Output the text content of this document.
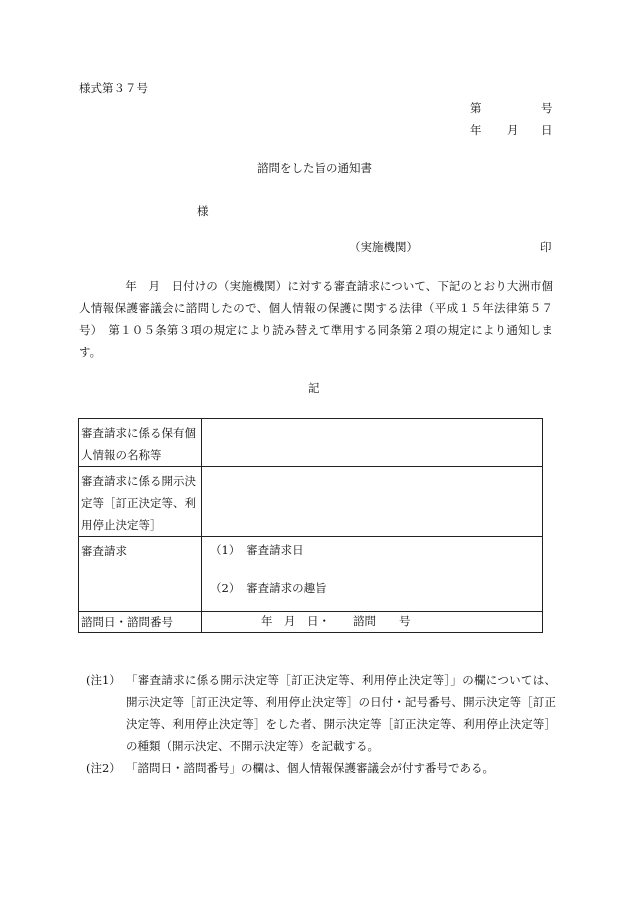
様式第３７号
第	号
年 月 日
諮問をした旨の通知書
様
（実施機関）	印
　　　　年　月　日付けの（実施機関）に対する審査請求について、下記のとおり大洲市個人情報保護審議会に諮問したので、個人情報の保護に関する法律（平成１５年法律第５７号）　第１０５条第３項の規定により読み替えて準用する同条第２項の規定により通知します。
記
審査請求に係る保有個人情報の名称等	
審査請求に係る開示決定等［訂正決定等、利用停止決定等］	
審査請求	（1）　審査請求日
（2）　審査請求の趣旨

諮問日・諮問番号	年　月　日・　　諮問　　号
(注1） 「審査請求に係る開示決定等［訂正決定等、利用停止決定等］」の欄については、開示決定等［訂正決定等、利用停止決定等］の日付・記号番号、開示決定等［訂正決定等、利用停止決定等］をした者、開示決定等［訂正決定等、利用停止決定等］の種類（開示決定、不開示決定等）を記載する。
(注2） 「諮問日・諮問番号」の欄は、個人情報保護審議会が付す番号である。
